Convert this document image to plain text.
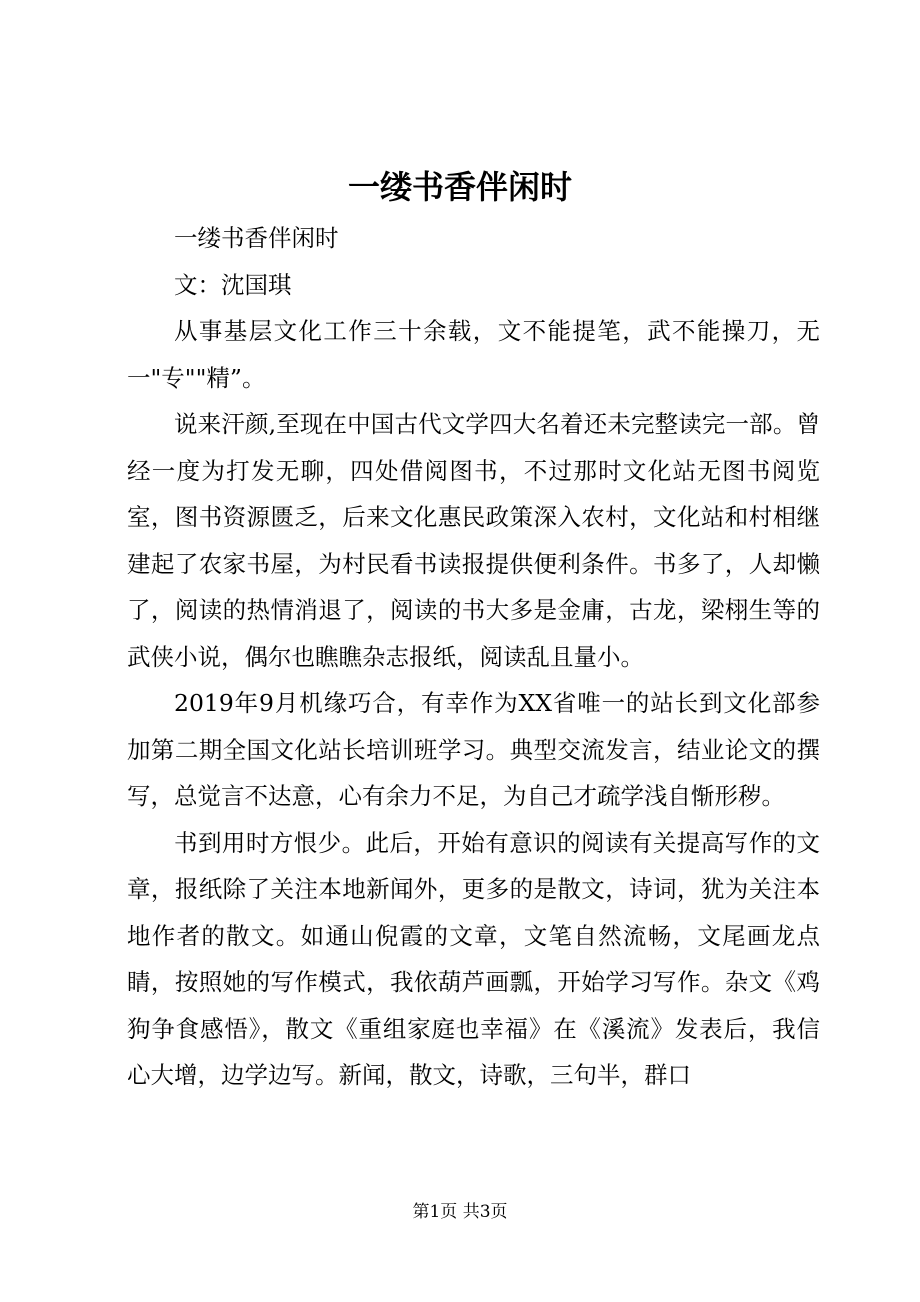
一缕书香伴闲时

一缕书香伴闲时

文：沈国琪

从事基层文化工作三十余载，文不能提笔，武不能操刀，无一"专""精”。

说来汗颜,至现在中国古代文学四大名着还未完整读完一部。曾经一度为打发无聊，四处借阅图书，不过那时文化站无图书阅览室，图书资源匮乏，后来文化惠民政策深入农村，文化站和村相继建起了农家书屋，为村民看书读报提供便利条件。书多了，人却懒了，阅读的热情消退了，阅读的书大多是金庸，古龙，梁栩生等的武侠小说，偶尔也瞧瞧杂志报纸，阅读乱且量小。

2019年9月机缘巧合，有幸作为XX省唯一的站长到文化部参加第二期全国文化站长培训班学习。典型交流发言，结业论文的撰写，总觉言不达意，心有余力不足，为自己才疏学浅自惭形秽。

书到用时方恨少。此后，开始有意识的阅读有关提高写作的文章，报纸除了关注本地新闻外，更多的是散文，诗词，犹为关注本地作者的散文。如通山倪霞的文章，文笔自然流畅，文尾画龙点睛，按照她的写作模式，我依葫芦画瓢，开始学习写作。杂文《鸡狗争食感悟》，散文《重组家庭也幸福》在《溪流》发表后，我信心大增，边学边写。新闻，散文，诗歌，三句半，群口

第1页 共3页
